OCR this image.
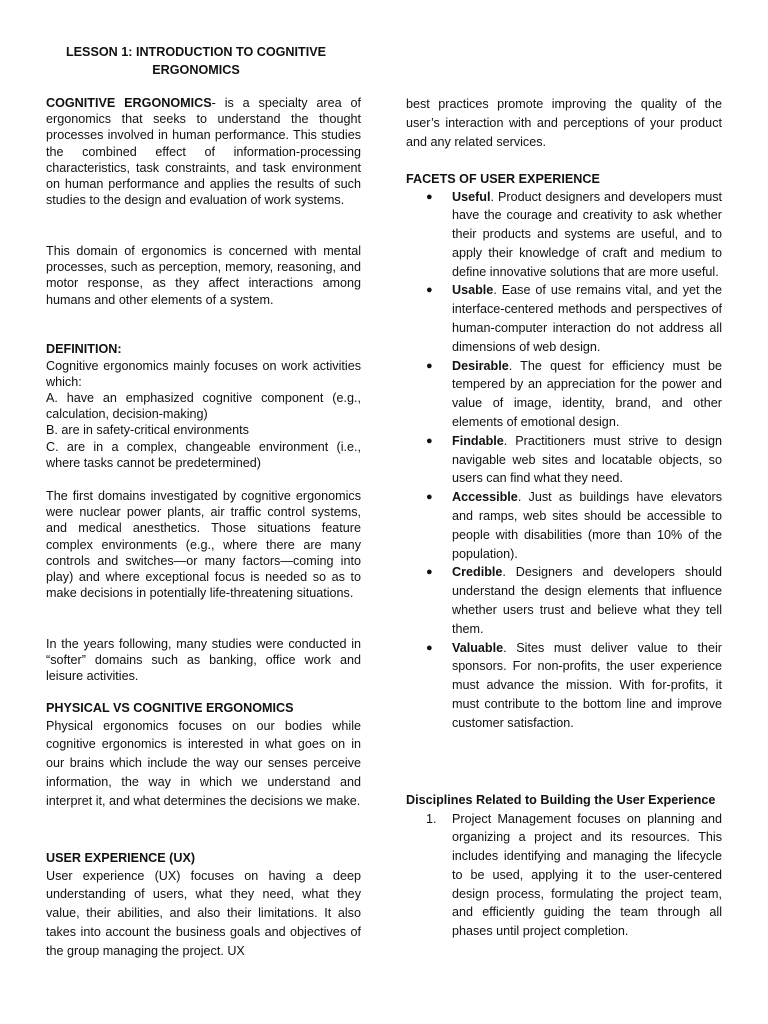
LESSON 1: INTRODUCTION TO COGNITIVE
ERGONOMICS

COGNITIVE ERGONOMICS- is a specialty area of ergonomics that seeks to understand the thought processes involved in human performance. This studies the combined effect of information-processing characteristics, task constraints, and task environment on human performance and applies the results of such studies to the design and evaluation of work systems.

This domain of ergonomics is concerned with mental processes, such as perception, memory, reasoning, and motor response, as they affect interactions among humans and other elements of a system.

DEFINITION:

Cognitive ergonomics mainly focuses on work activities which:

A. have an emphasized cognitive component (e.g., calculation, decision-making)

B. are in safety-critical environments

C. are in a complex, changeable environment (i.e., where tasks cannot be predetermined)

The first domains investigated by cognitive ergonomics were nuclear power plants, air traffic control systems, and medical anesthetics. Those situations feature complex environments (e.g., where there are many controls and switches—or many factors—coming into play) and where exceptional focus is needed so as to make decisions in potentially life-threatening situations.

In the years following, many studies were conducted in “softer” domains such as banking, office work and leisure activities.

PHYSICAL VS COGNITIVE ERGONOMICS

Physical ergonomics focuses on our bodies while cognitive ergonomics is interested in what goes on in our brains which include the way our senses perceive information, the way in which we understand and interpret it, and what determines the decisions we make.

USER EXPERIENCE (UX)

User experience (UX) focuses on having a deep understanding of users, what they need, what they value, their abilities, and also their limitations. It also takes into account the business goals and objectives of the group managing the project. UX

best practices promote improving the quality of the user’s interaction with and perceptions of your product and any related services.

FACETS OF USER EXPERIENCE
● Useful. Product designers and developers must have the courage and creativity to ask whether their products and systems are useful, and to apply their knowledge of craft and medium to define innovative solutions that are more useful.
● Usable. Ease of use remains vital, and yet the interface-centered methods and perspectives of human-computer interaction do not address all dimensions of web design.
● Desirable. The quest for efficiency must be tempered by an appreciation for the power and value of image, identity, brand, and other elements of emotional design.
● Findable. Practitioners must strive to design navigable web sites and locatable objects, so users can find what they need.
● Accessible. Just as buildings have elevators and ramps, web sites should be accessible to people with disabilities (more than 10% of the population).
● Credible. Designers and developers should understand the design elements that influence whether users trust and believe what they tell them.
● Valuable. Sites must deliver value to their sponsors. For non-profits, the user experience must advance the mission. With for-profits, it must contribute to the bottom line and improve customer satisfaction.
Disciplines Related to Building the User Experience
1. Project Management focuses on planning and organizing a project and its resources. This includes identifying and managing the lifecycle to be used, applying it to the user-centered design process, formulating the project team, and efficiently guiding the team through all phases until project completion.
